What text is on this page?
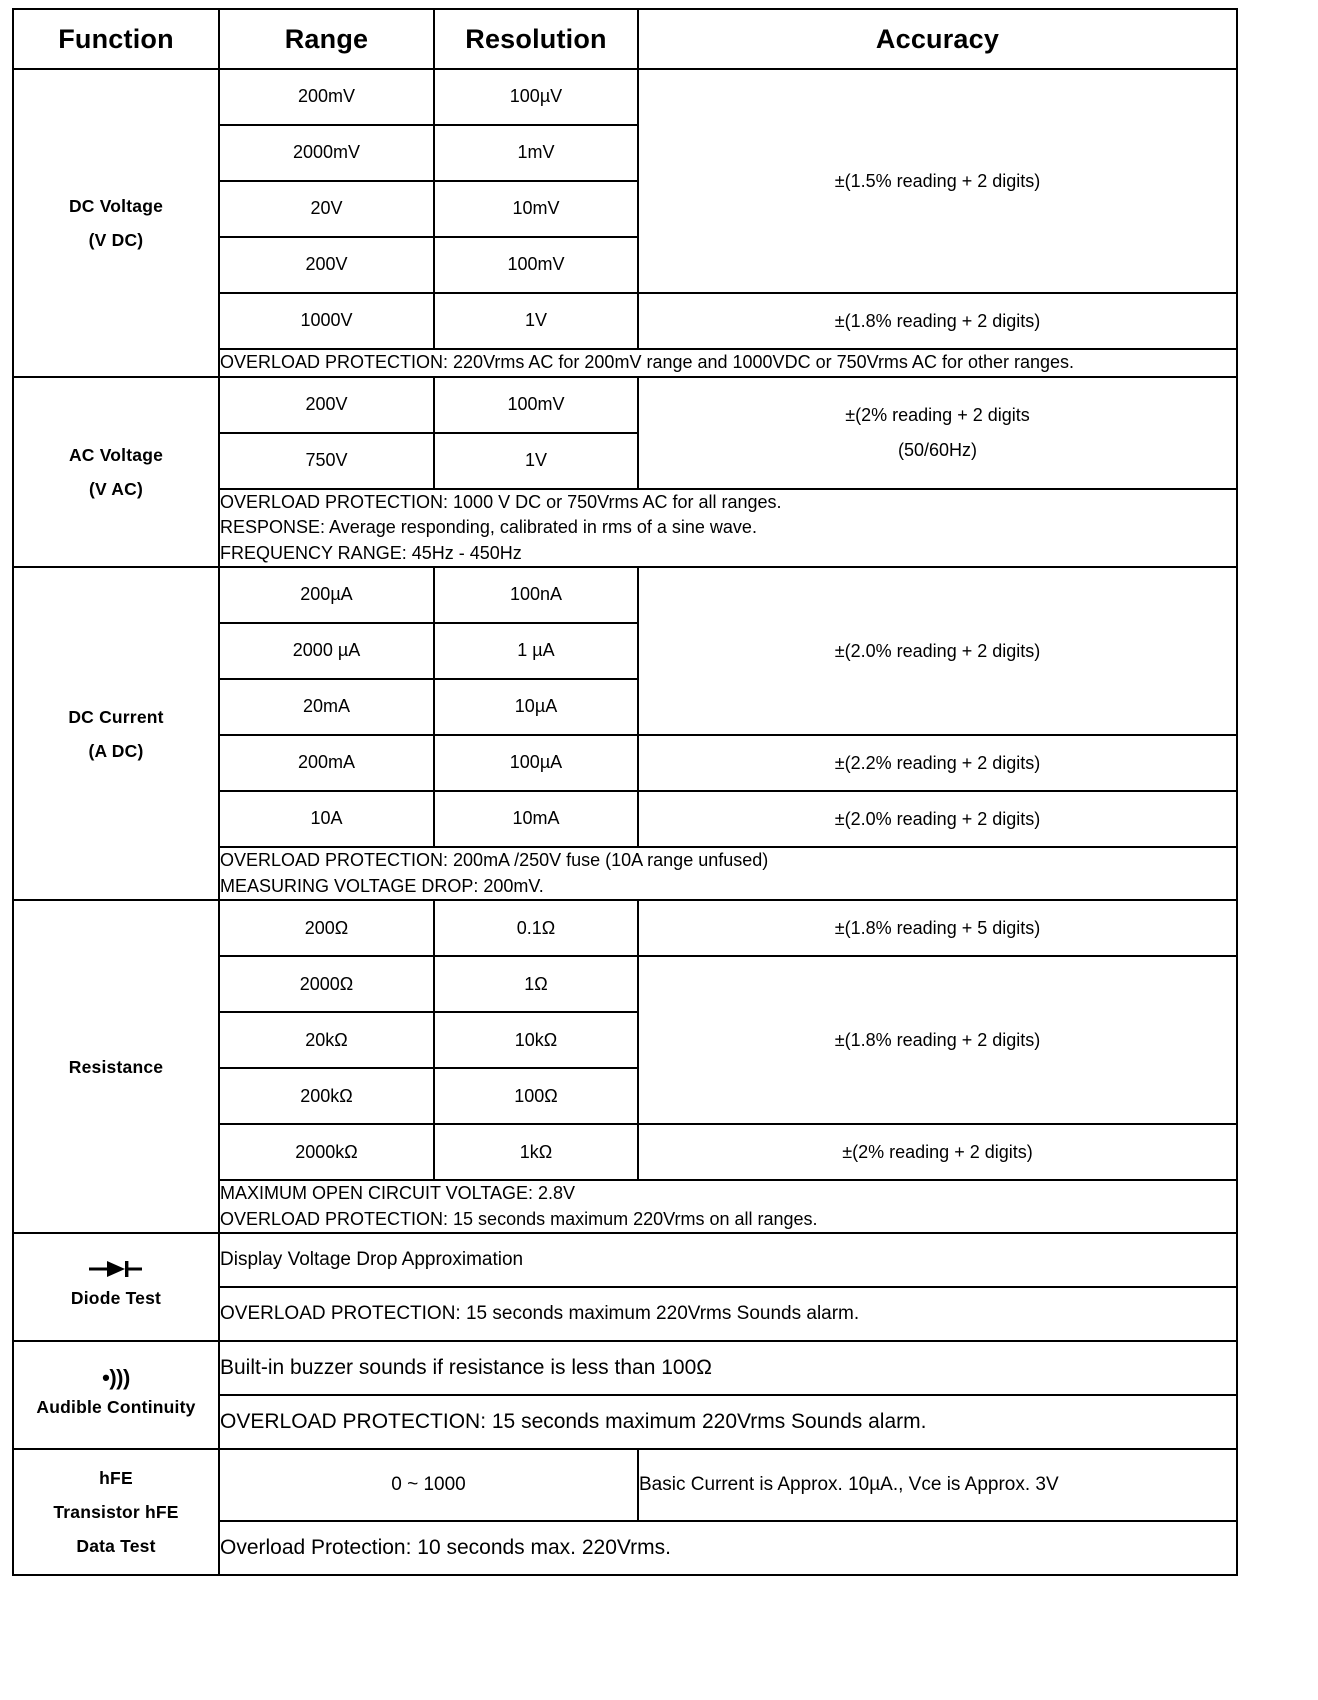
Function	Range	Resolution	Accuracy

DC Voltage
(V DC)	200mV	100µV	±(1.5% reading + 2 digits)
	2000mV	1mV	
	20V	10mV	
	200V	100mV	
	1000V	1V	±(1.8% reading + 2 digits)

	OVERLOAD PROTECTION: 220Vrms AC for 200mV range and 1000VDC or 750Vrms AC for other ranges.		

AC Voltage
(V AC)	200V	100mV	±(2% reading + 2 digits
(50/60Hz)

	750V	1V	

	OVERLOAD PROTECTION: 1000 V DC or 750Vrms AC for all ranges.
RESPONSE: Average responding, calibrated in rms of a sine wave.
FREQUENCY RANGE: 45Hz - 450Hz		

DC Current
(A DC)	200µA	100nA	±(2.0% reading + 2 digits)
	2000 µA	1 µA	
	20mA	10µA	
	200mA	100µA	±(2.2% reading + 2 digits)
	10A	10mA	±(2.0% reading + 2 digits)

	OVERLOAD PROTECTION: 200mA /250V fuse (10A range unfused)
MEASURING VOLTAGE DROP: 200mV.		

Resistance	200Ω	0.1Ω	±(1.8% reading + 5 digits)
	2000Ω	1Ω	±(1.8% reading + 2 digits)
	20kΩ	10kΩ	
	200kΩ	100Ω	
	2000kΩ	1kΩ	±(2% reading + 2 digits)

	MAXIMUM OPEN CIRCUIT VOLTAGE: 2.8V
OVERLOAD PROTECTION: 15 seconds maximum 220Vrms on all ranges.		

Diode Test	Display Voltage Drop Approximation		
	OVERLOAD PROTECTION: 15 seconds maximum 220Vrms Sounds alarm.		

•)))
Audible Continuity	Built-in buzzer sounds if resistance is less than 100Ω		
	OVERLOAD PROTECTION: 15 seconds maximum 220Vrms Sounds alarm.		

hFE
Transistor hFE
Data Test	0 ~ 1000		Basic Current is Approx. 10µA., Vce is Approx. 3V
	Overload Protection: 10 seconds max. 220Vrms.		
